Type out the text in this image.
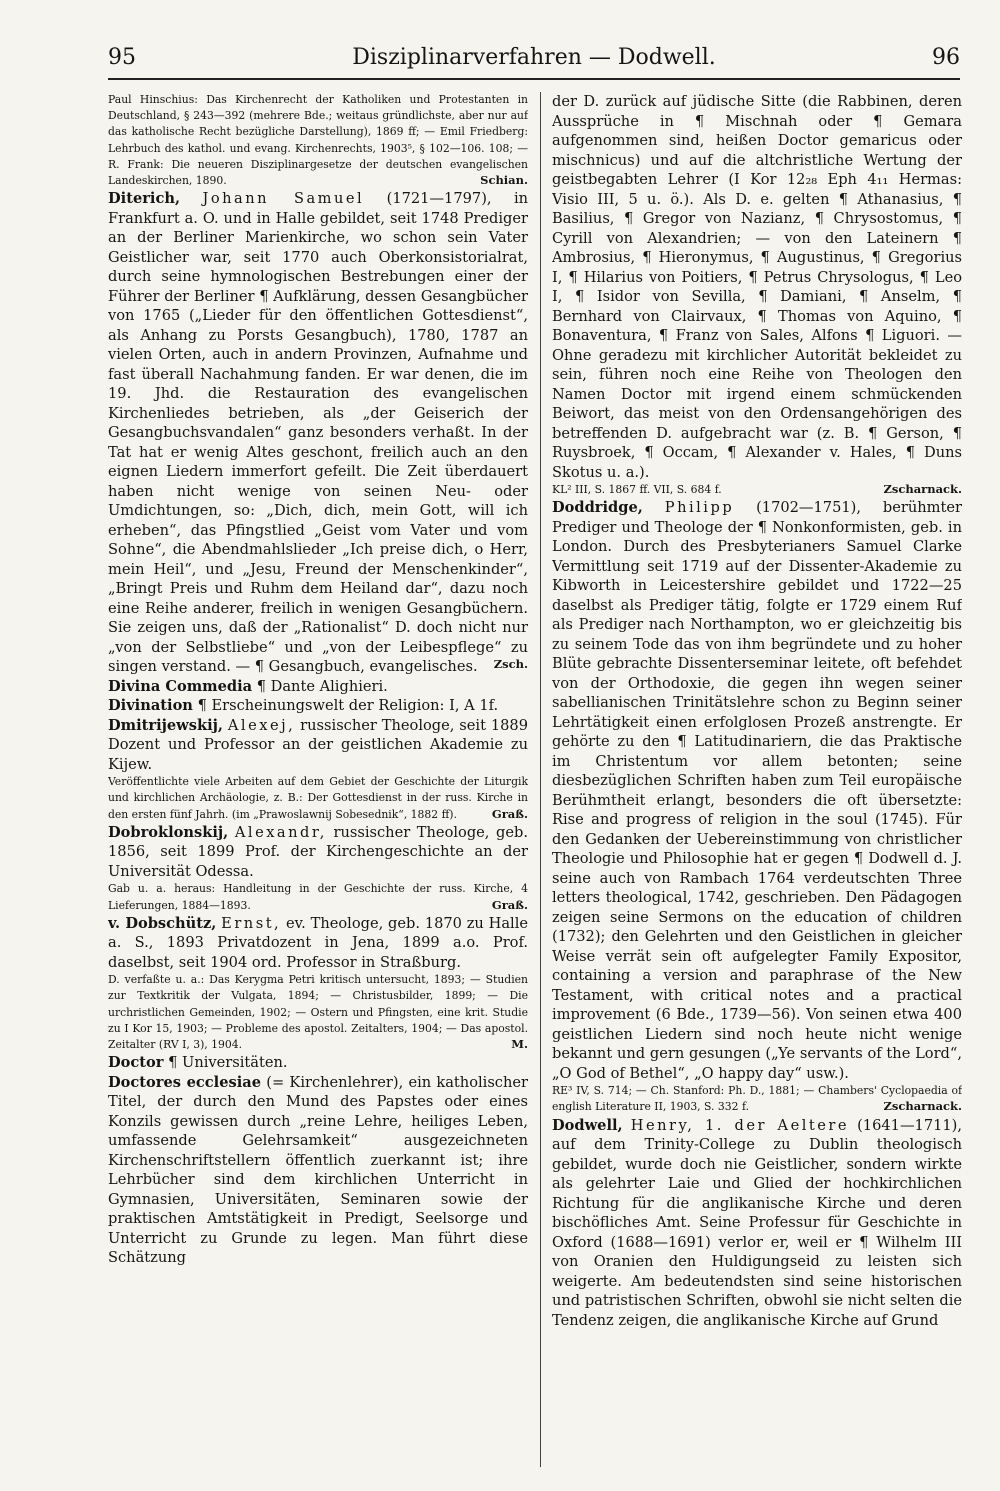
95	Disziplinarverfahren — Dodwell.	96

Paul Hinschius: Das Kirchenrecht der Katholiken und Protestanten in Deutschland, § 243—392 (mehrere Bde.; weitaus gründlichste, aber nur auf das katholische Recht bezügliche Darstellung), 1869 ff; — Emil Friedberg: Lehrbuch des kathol. und evang. Kirchenrechts, 1903⁵, § 102—106. 108; — R. Frank: Die neueren Disziplinargesetze der deutschen evangelischen Landeskirchen, 1890.	Schian.

Diterich, Johann Samuel (1721—1797), in Frankfurt a. O. und in Halle gebildet, seit 1748 Prediger an der Berliner Marienkirche, wo schon sein Vater Geistlicher war, seit 1770 auch Oberkonsistorialrat, durch seine hymnologischen Bestrebungen einer der Führer der Berliner ¶ Aufklärung, dessen Gesangbücher von 1765 („Lieder für den öffentlichen Gottesdienst“, als Anhang zu Porsts Gesangbuch), 1780, 1787 an vielen Orten, auch in andern Provinzen, Aufnahme und fast überall Nachahmung fanden. Er war denen, die im 19. Jhd. die Restauration des evangelischen Kirchenliedes betrieben, als „der Geiserich der Gesangbuchsvandalen“ ganz besonders verhaßt. In der Tat hat er wenig Altes geschont, freilich auch an den eignen Liedern immerfort gefeilt. Die Zeit überdauert haben nicht wenige von seinen Neu- oder Umdichtungen, so: „Dich, dich, mein Gott, will ich erheben“, das Pfingstlied „Geist vom Vater und vom Sohne“, die Abendmahlslieder „Ich preise dich, o Herr, mein Heil“, und „Jesu, Freund der Menschenkinder“, „Bringt Preis und Ruhm dem Heiland dar“, dazu noch eine Reihe anderer, freilich in wenigen Gesangbüchern. Sie zeigen uns, daß der „Rationalist“ D. doch nicht nur „von der Selbstliebe“ und „von der Leibespflege“ zu singen verstand. — ¶ Gesangbuch, evangelisches. Zsch.

Divina Commedia ¶ Dante Alighieri.

Divination ¶ Erscheinungswelt der Religion: I, A 1f.

Dmitrijewskij, Alexej, russischer Theologe, seit 1889 Dozent und Professor an der geistlichen Akademie zu Kijew.

Veröffentlichte viele Arbeiten auf dem Gebiet der Geschichte der Liturgik und kirchlichen Archäologie, z. B.: Der Gottesdienst in der russ. Kirche in den ersten fünf Jahrh. (im „Prawoslawnij Sobesednik“, 1882 ff).	Graß.

Dobroklonskij, Alexandr, russischer Theologe, geb. 1856, seit 1899 Prof. der Kirchengeschichte an der Universität Odessa.

Gab u. a. heraus: Handleitung in der Geschichte der russ. Kirche, 4 Lieferungen, 1884—1893.	Graß.

v. Dobschütz, Ernst, ev. Theologe, geb. 1870 zu Halle a. S., 1893 Privatdozent in Jena, 1899 a.o. Prof. daselbst, seit 1904 ord. Professor in Straßburg.

D. verfaßte u. a.: Das Kerygma Petri kritisch untersucht, 1893; — Studien zur Textkritik der Vulgata, 1894; — Christusbilder, 1899; — Die urchristlichen Gemeinden, 1902; — Ostern und Pfingsten, eine krit. Studie zu I Kor 15, 1903; — Probleme des apostol. Zeitalters, 1904; — Das apostol. Zeitalter (RV I, 3), 1904.	M.

Doctor ¶ Universitäten.

Doctores ecclesiae (= Kirchenlehrer), ein katholischer Titel, der durch den Mund des Papstes oder eines Konzils gewissen durch „reine Lehre, heiliges Leben, umfassende Gelehrsamkeit“ ausgezeichneten Kirchenschriftstellern öffentlich zuerkannt ist; ihre Lehrbücher sind dem kirchlichen Unterricht in Gymnasien, Universitäten, Seminaren sowie der praktischen Amtstätigkeit in Predigt, Seelsorge und Unterricht zu Grunde zu legen. Man führt diese Schätzung

der D. zurück auf jüdische Sitte (die Rabbinen, deren Aussprüche in ¶ Mischnah oder ¶ Gemara aufgenommen sind, heißen Doctor gemaricus oder mischnicus) und auf die altchristliche Wertung der geistbegabten Lehrer (I Kor 12₂₈ Eph 4₁₁ Hermas: Visio III, 5 u. ö.). Als D. e. gelten ¶ Athanasius, ¶ Basilius, ¶ Gregor von Nazianz, ¶ Chrysostomus, ¶ Cyrill von Alexandrien; — von den Lateinern ¶ Ambrosius, ¶ Hieronymus, ¶ Augustinus, ¶ Gregorius I, ¶ Hilarius von Poitiers, ¶ Petrus Chrysologus, ¶ Leo I, ¶ Isidor von Sevilla, ¶ Damiani, ¶ Anselm, ¶ Bernhard von Clairvaux, ¶ Thomas von Aquino, ¶ Bonaventura, ¶ Franz von Sales, Alfons ¶ Liguori. — Ohne geradezu mit kirchlicher Autorität bekleidet zu sein, führen noch eine Reihe von Theologen den Namen Doctor mit irgend einem schmückenden Beiwort, das meist von den Ordensangehörigen des betreffenden D. aufgebracht war (z. B. ¶ Gerson, ¶ Ruysbroek, ¶ Occam, ¶ Alexander v. Hales, ¶ Duns Skotus u. a.).

KL² III, S. 1867 ff. VII, S. 684 f.	Zscharnack.

Doddridge, Philipp (1702—1751), berühmter Prediger und Theologe der ¶ Nonkonformisten, geb. in London. Durch des Presbyterianers Samuel Clarke Vermittlung seit 1719 auf der Dissenter-Akademie zu Kibworth in Leicestershire gebildet und 1722—25 daselbst als Prediger tätig, folgte er 1729 einem Ruf als Prediger nach Northampton, wo er gleichzeitig bis zu seinem Tode das von ihm begründete und zu hoher Blüte gebrachte Dissenterseminar leitete, oft befehdet von der Orthodoxie, die gegen ihn wegen seiner sabellianischen Trinitätslehre schon zu Beginn seiner Lehrtätigkeit einen erfolglosen Prozeß anstrengte. Er gehörte zu den ¶ Latitudinariern, die das Praktische im Christentum vor allem betonten; seine diesbezüglichen Schriften haben zum Teil europäische Berühmtheit erlangt, besonders die oft übersetzte: Rise and progress of religion in the soul (1745). Für den Gedanken der Uebereinstimmung von christlicher Theologie und Philosophie hat er gegen ¶ Dodwell d. J. seine auch von Rambach 1764 verdeutschten Three letters theological, 1742, geschrieben. Den Pädagogen zeigen seine Sermons on the education of children (1732); den Gelehrten und den Geistlichen in gleicher Weise verrät sein oft aufgelegter Family Expositor, containing a version and paraphrase of the New Testament, with critical notes and a practical improvement (6 Bde., 1739—56). Von seinen etwa 400 geistlichen Liedern sind noch heute nicht wenige bekannt und gern gesungen („Ye servants of the Lord“, „O God of Bethel“, „O happy day“ usw.).

RE³ IV, S. 714; — Ch. Stanford: Ph. D., 1881; — Chambers' Cyclopaedia of english Literature II, 1903, S. 332 f.	Zscharnack.

Dodwell, Henry, 1. der Aeltere (1641—1711), auf dem Trinity-College zu Dublin theologisch gebildet, wurde doch nie Geistlicher, sondern wirkte als gelehrter Laie und Glied der hochkirchlichen Richtung für die anglikanische Kirche und deren bischöfliches Amt. Seine Professur für Geschichte in Oxford (1688—1691) verlor er, weil er ¶ Wilhelm III von Oranien den Huldigungseid zu leisten sich weigerte. Am bedeutendsten sind seine historischen und patristischen Schriften, obwohl sie nicht selten die Tendenz zeigen, die anglikanische Kirche auf Grund
